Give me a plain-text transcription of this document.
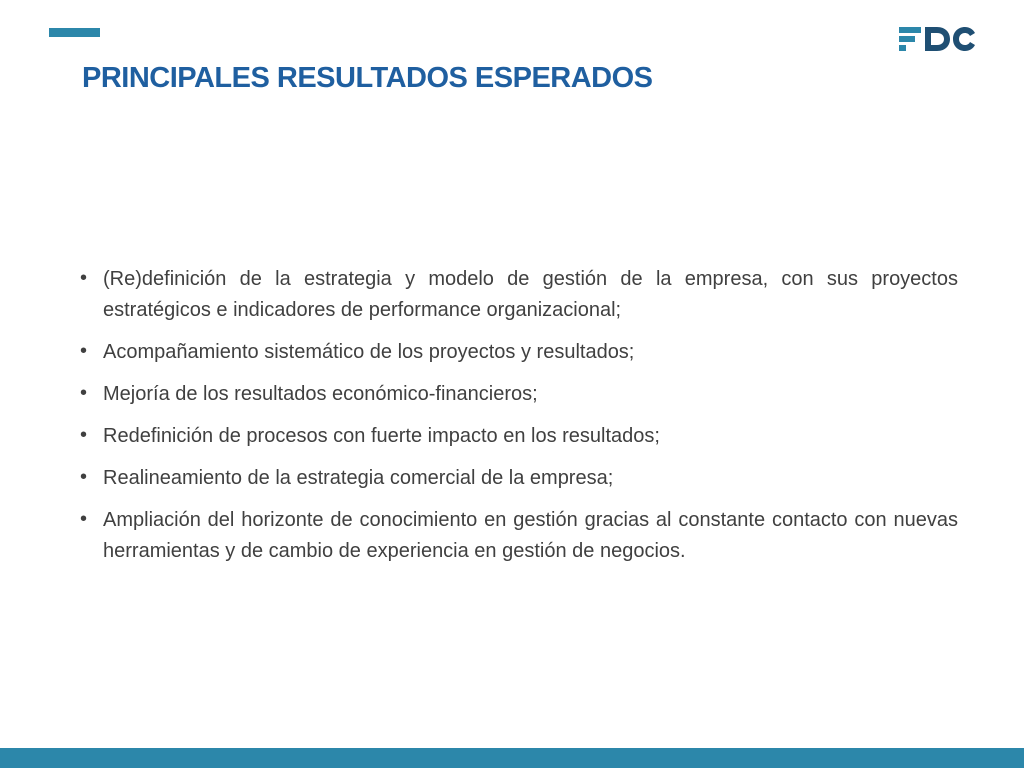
PRINCIPALES RESULTADOS ESPERADOS
• (Re)definición de la estrategia y modelo de gestión de la empresa, con sus proyectos estratégicos e indicadores de performance organizacional;
• Acompañamiento sistemático de los proyectos y resultados;
• Mejoría de los resultados económico-financieros;
• Redefinición de procesos con fuerte impacto en los resultados;
• Realineamiento de la estrategia comercial de la empresa;
• Ampliación del horizonte de conocimiento en gestión gracias al constante contacto con nuevas herramientas y de cambio de experiencia en gestión de negocios.
